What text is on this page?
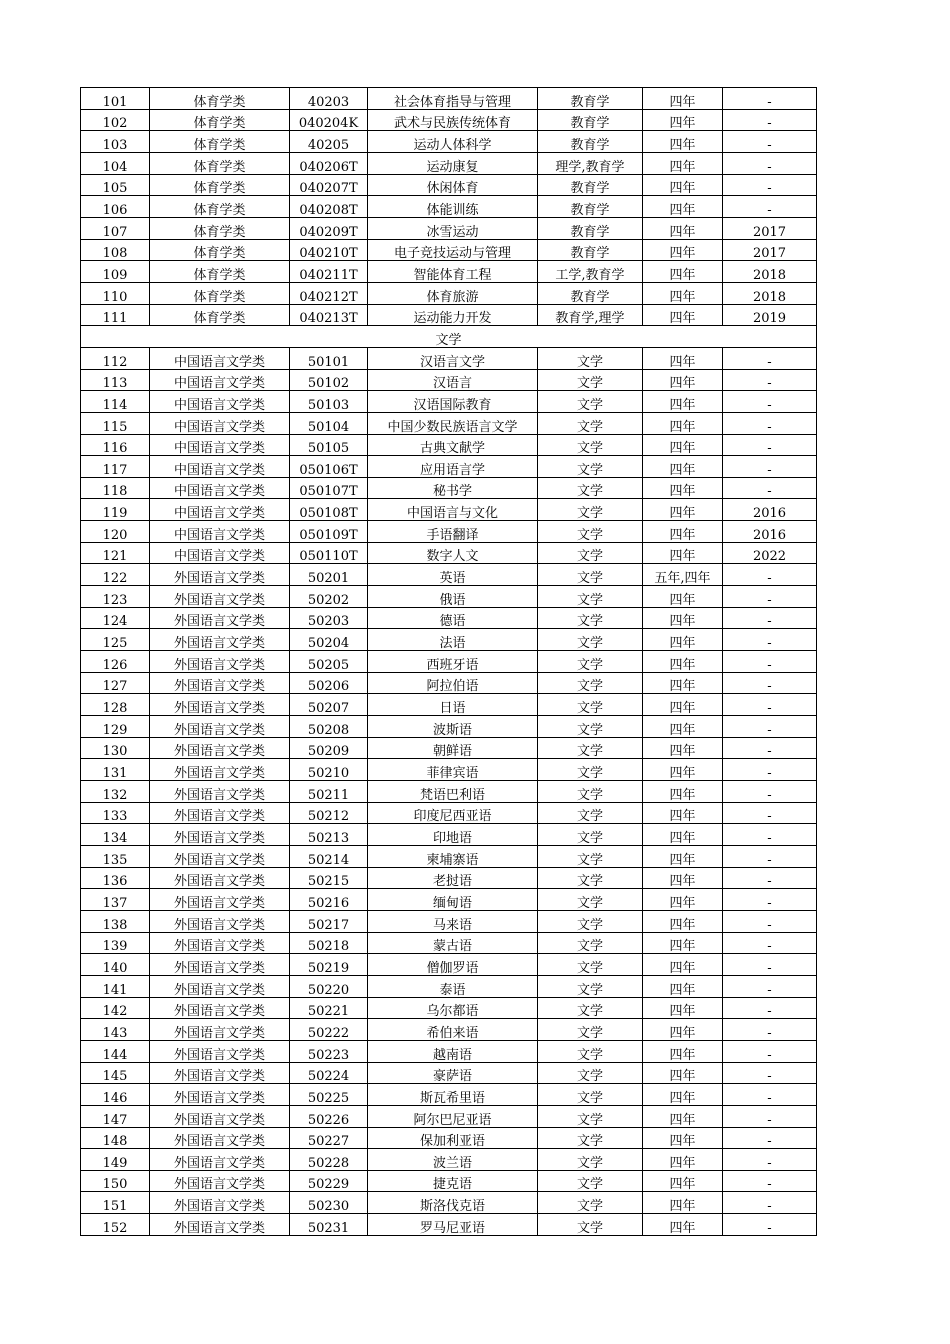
101	体育学类	40203	社会体育指导与管理	教育学	四年	-
102	体育学类	040204K	武术与民族传统体育	教育学	四年	-
103	体育学类	40205	运动人体科学	教育学	四年	-
104	体育学类	040206T	运动康复	理学,教育学	四年	-
105	体育学类	040207T	休闲体育	教育学	四年	-
106	体育学类	040208T	体能训练	教育学	四年	-
107	体育学类	040209T	冰雪运动	教育学	四年	2017
108	体育学类	040210T	电子竞技运动与管理	教育学	四年	2017
109	体育学类	040211T	智能体育工程	工学,教育学	四年	2018
110	体育学类	040212T	体育旅游	教育学	四年	2018
111	体育学类	040213T	运动能力开发	教育学,理学	四年	2019
文学						
112	中国语言文学类	50101	汉语言文学	文学	四年	-
113	中国语言文学类	50102	汉语言	文学	四年	-
114	中国语言文学类	50103	汉语国际教育	文学	四年	-
115	中国语言文学类	50104	中国少数民族语言文学	文学	四年	-
116	中国语言文学类	50105	古典文献学	文学	四年	-
117	中国语言文学类	050106T	应用语言学	文学	四年	-
118	中国语言文学类	050107T	秘书学	文学	四年	-
119	中国语言文学类	050108T	中国语言与文化	文学	四年	2016
120	中国语言文学类	050109T	手语翻译	文学	四年	2016
121	中国语言文学类	050110T	数字人文	文学	四年	2022
122	外国语言文学类	50201	英语	文学	五年,四年	-
123	外国语言文学类	50202	俄语	文学	四年	-
124	外国语言文学类	50203	德语	文学	四年	-
125	外国语言文学类	50204	法语	文学	四年	-
126	外国语言文学类	50205	西班牙语	文学	四年	-
127	外国语言文学类	50206	阿拉伯语	文学	四年	-
128	外国语言文学类	50207	日语	文学	四年	-
129	外国语言文学类	50208	波斯语	文学	四年	-
130	外国语言文学类	50209	朝鲜语	文学	四年	-
131	外国语言文学类	50210	菲律宾语	文学	四年	-
132	外国语言文学类	50211	梵语巴利语	文学	四年	-
133	外国语言文学类	50212	印度尼西亚语	文学	四年	-
134	外国语言文学类	50213	印地语	文学	四年	-
135	外国语言文学类	50214	柬埔寨语	文学	四年	-
136	外国语言文学类	50215	老挝语	文学	四年	-
137	外国语言文学类	50216	缅甸语	文学	四年	-
138	外国语言文学类	50217	马来语	文学	四年	-
139	外国语言文学类	50218	蒙古语	文学	四年	-
140	外国语言文学类	50219	僧伽罗语	文学	四年	-
141	外国语言文学类	50220	泰语	文学	四年	-
142	外国语言文学类	50221	乌尔都语	文学	四年	-
143	外国语言文学类	50222	希伯来语	文学	四年	-
144	外国语言文学类	50223	越南语	文学	四年	-
145	外国语言文学类	50224	豪萨语	文学	四年	-
146	外国语言文学类	50225	斯瓦希里语	文学	四年	-
147	外国语言文学类	50226	阿尔巴尼亚语	文学	四年	-
148	外国语言文学类	50227	保加利亚语	文学	四年	-
149	外国语言文学类	50228	波兰语	文学	四年	-
150	外国语言文学类	50229	捷克语	文学	四年	-
151	外国语言文学类	50230	斯洛伐克语	文学	四年	-
152	外国语言文学类	50231	罗马尼亚语	文学	四年	-
